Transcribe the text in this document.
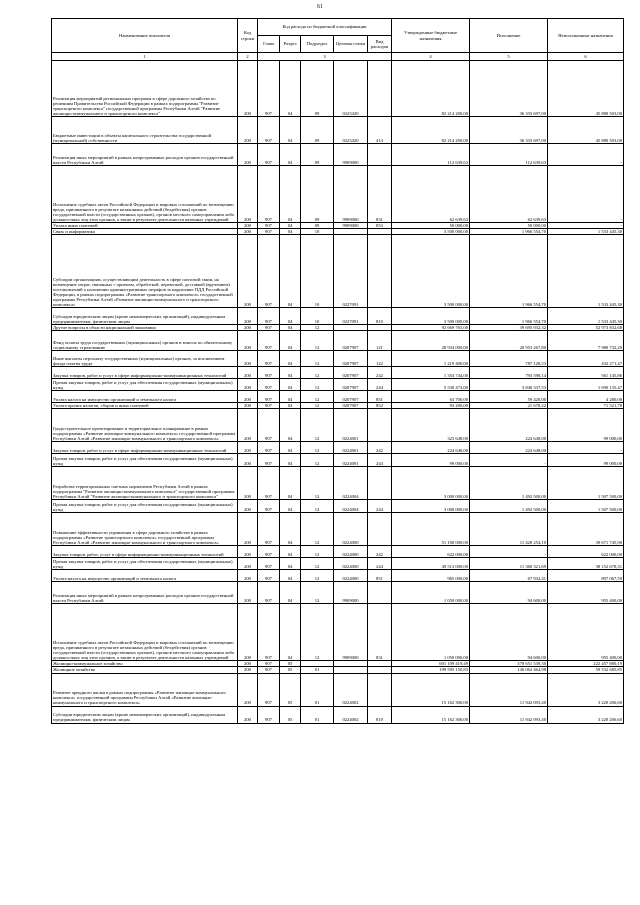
61
Наименование показателя	Код строки	Код расхода по бюджетной классификации					Утвержденные бюджетные назначения	Исполнение	Неисполненные назначения
		Глава	Раздел	Подраздел	Целевая статья	Вид расходов			
1	2	3					4	5	6
Реализация мероприятий региональных программ в сфере дорожного хозяйства по решениям Правительства Российской Федерации в рамках подпрограммы "Развитие транспортного комплекса" государственной программы Республики Алтай "Развитие жилищно-коммунального и транспортного комплекса"	200	907	04	09	0225420		82 214 200,00	36 333 697,00	45 880 503,00
Бюджетные инвестиции в объекты капитального строительства государственной (муниципальной) собственности	200	907	04	09	0225420	414	82 214 200,00	36 333 697,00	45 880 503,00
Реализация иных мероприятий в рамках непрограммных расходов органов государственной власти Республики Алтай	200	907	04	09	9909000		112 639,63	112 639,63	-
Исполнение судебных актов Российской Федерации и мировых соглашений по возмещению вреда, причиненного в результате незаконных действий (бездействия) органов государственной власти (государственных органов), органов местного самоуправления либо должностных лиц этих органов, а также в результате деятельности казенных учреждений	200	907	04	09	9909000	831	62 639,63	62 639,63	-
Уплата иных платежей	200	907	04	09	9909000	853	50 000,00	50 000,00	-
Связь и информатика	200	907	04	10			3 500 000,00	1 966 554,70	1 533 445,30
Субсидии организациям, осуществляющим деятельность в сфере почтовой связи, на возмещение затрат, связанных с приемом, обработкой, перевозкой, доставкой (вручением) постановлений о наложении административных штрафов за нарушение ПДД Российской Федерации, в рамках подпрограммы «Развитие транспортного комплекса» государственной программы Республики Алтай «Развитие жилищно-коммунального и транспортного комплекса»	200	907	04	10	0227091		3 500 000,00	1 966 554,70	1 533 445,30
Субсидии юридическим лицам (кроме некоммерческих организаций), индивидуальным предпринимателям, физическим лицам	200	907	04	10	0227091	810	3 500 000,00	1 966 554,70	1 533 445,30
Другие вопросы в области национальной экономики	200	907	04	12			92 669 765,00	39 695 932,32	52 973 832,68
Фонд оплаты труда государственных (муниципальных) органов и взносы по обязательному социальному страхованию	200	907	04	12	0207907	121	28 934 000,00	20 953 267,80	7 980 732,20
Иные выплаты персоналу государственных (муниципальных) органов, за исключением фонда оплаты труда	200	907	04	12	0207907	122	1 219 400,00	787 128,53	432 271,47
Закупка товаров, работ и услуг в сфере информационно-коммуникационных технологий	200	907	04	12	0207907	242	1 354 744,00	793 598,14	561 145,86
Прочая закупка товаров, работ и услуг для обеспечения государственных (муниципальных) нужд	200	907	04	12	0207907	244	5 530 473,00	3 840 337,53	1 690 135,47
Уплата налога на имущество организаций и земельного налога	200	907	04	12	0207907	851	63 700,00	59 420,00	4 280,00
Уплата прочих налогов, сборов и иных платежей	200	907	04	12	0207907	852	93 200,00	21 678,22	71 521,78
Градостроительное проектирование и территориальное планирование в рамках подпрограммы «Развитие жилищно-коммунального комплекса» государственной программы Республики Алтай «Развитие жилищно-коммунального и транспортного комплекса»	200	907	04	12	0224001		323 648,00	224 648,00	99 000,00
Закупка товаров, работ и услуг в сфере информационно-коммуникационных технологий	200	907	04	12	0224001	242	224 648,00	224 648,00	-
Прочая закупка товаров, работ и услуг для обеспечения государственных (муниципальных) нужд	200	907	04	12	0224001	244	99 000,00	-	99 000,00
Разработка территориальных сметных нормативов Республики Алтай в рамках подпрограммы "Развитие жилищно-коммунального комплекса" государственной программы Республики Алтай "Развитие жилищно-коммунального и транспортного комплекса"	200	907	04	12	0224004		3 000 000,00	1 492 500,00	1 507 500,00
Прочая закупка товаров, работ и услуг для обеспечения государственных (муниципальных) нужд	200	907	04	12	0224004	244	3 000 000,00	1 492 500,00	1 507 500,00
Повышение эффективности управления в сфере дорожного хозяйства в рамках подпрограммы «Развитие транспортного комплекса» государственной программы Республики Алтай «Развитие жилищно-коммунального и транспортного комплекса»	200	907	04	12	0224000		51 100 000,00	11 428 254,10	39 671 745,90
Закупка товаров, работ, услуг в сфере информационно-коммуникационных технологий	200	907	04	12	0224000	242	622 000,00	-	622 000,00
Прочая закупка товаров, работ и услуг для обеспечения государственных (муниципальных) нужд	200	907	04	12	0224000	244	49 513 000,00	11 360 321,69	38 152 678,31
Уплата налога на имущество организаций и земельного налога	200	907	04	12	0224000	851	965 000,00	67 932,41	897 067,59
Реализация иных мероприятий в рамках непрограммных расходов органов государственной власти Республики Алтай	200	907	04	12	9909000		1 050 000,00	94 600,00	955 400,00
Исполнение судебных актов Российской Федерации и мировых соглашений по возмещению вреда, причиненного в результате незаконных действий (бездействия) органов государственной власти (государственных органов), органов местного самоуправления либо должностных лиц этих органов, а также в результате деятельности казенных учреждений	200	907	04	12	9909000	831	1 050 000,00	94 600,00	955 400,00
Жилищно-коммунальное хозяйство	200	907	05				601 109 419,49	378 651 539,30	222 457 880,19
Жилищное хозяйство	200	907	05	01			199 595 150,83	140 062 464,98	59 532 685,85
Развитие арендного жилья в рамках подпрограммы «Развитие жилищно-коммунального комплекса» государственной программы Республики Алтай «Развитие жилищно-коммунального и транспортного комплекса»	200	907	05	01	0224002		15 162 300,00	11 942 093,40	3 220 206,60
Субсидии юридическим лицам (кроме некоммерческих организаций), индивидуальным предпринимателям, физическим лицам	200	907	05	01	0224002	810	15 162 300,00	11 942 093,40	3 220 206,60
